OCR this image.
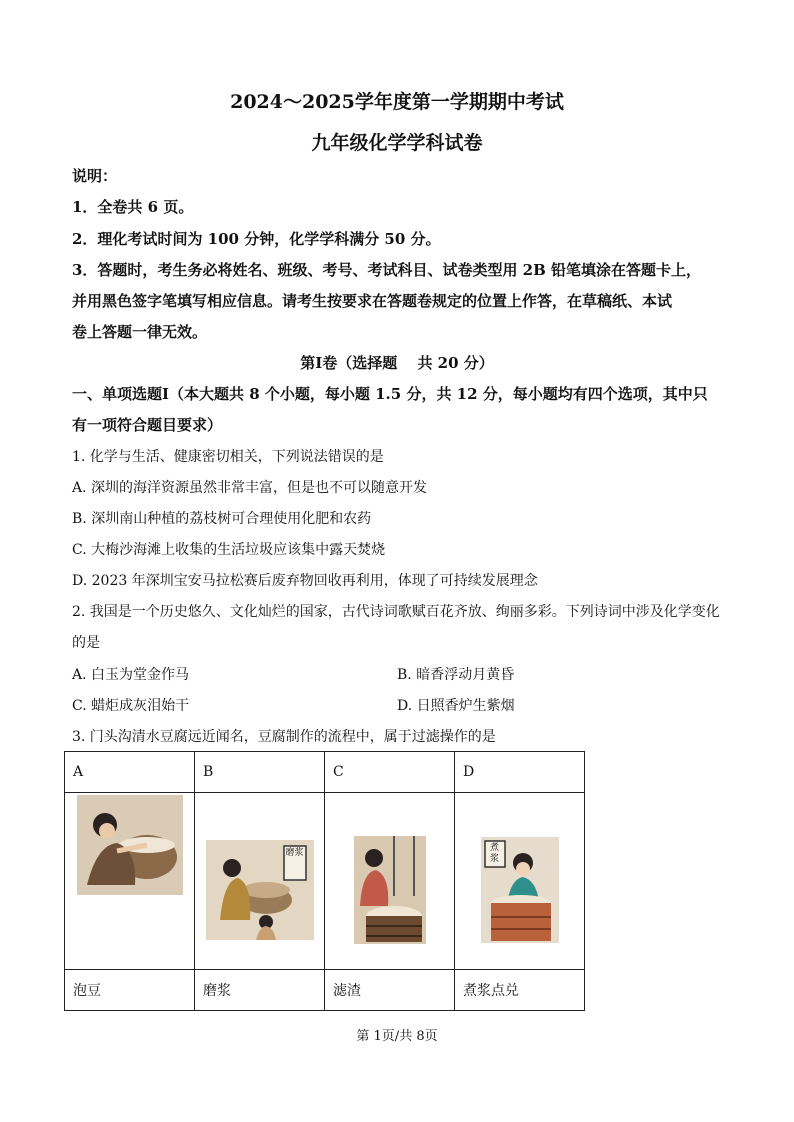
2024～2025学年度第一学期期中考试
九年级化学学科试卷
说明：
1．全卷共 6 页。
2．理化考试时间为 100 分钟，化学学科满分 50 分。
3．答题时，考生务必将姓名、班级、考号、考试科目、试卷类型用 2B 铅笔填涂在答题卡上，
并用黑色签字笔填写相应信息。请考生按要求在答题卷规定的位置上作答，在草稿纸、本试
卷上答题一律无效。
第Ⅰ卷（选择题　 共 20 分）
一、单项选题Ⅰ（本大题共 8 个小题，每小题 1.5 分，共 12 分，每小题均有四个选项，其中只
有一项符合题目要求）
1. 化学与生活、健康密切相关，下列说法错误的是
A. 深圳的海洋资源虽然非常丰富，但是也不可以随意开发
B. 深圳南山种植的荔枝树可合理使用化肥和农药
C. 大梅沙海滩上收集的生活垃圾应该集中露天焚烧
D. 2023 年深圳宝安马拉松赛后废弃物回收再利用，体现了可持续发展理念
2. 我国是一个历史悠久、文化灿烂的国家，古代诗词歌赋百花齐放、绚丽多彩。下列诗词中涉及化学变化
的是
A. 白玉为堂金作马	B. 暗香浮动月黄昏
C. 蜡炬成灰泪始干	D. 日照香炉生紫烟
3. 门头沟清水豆腐远近闻名，豆腐制作的流程中，属于过滤操作的是
A	B	C	D

磨浆		煮浆

泡豆	磨浆	滤渣	煮浆点兑
第 1页/共 8页
